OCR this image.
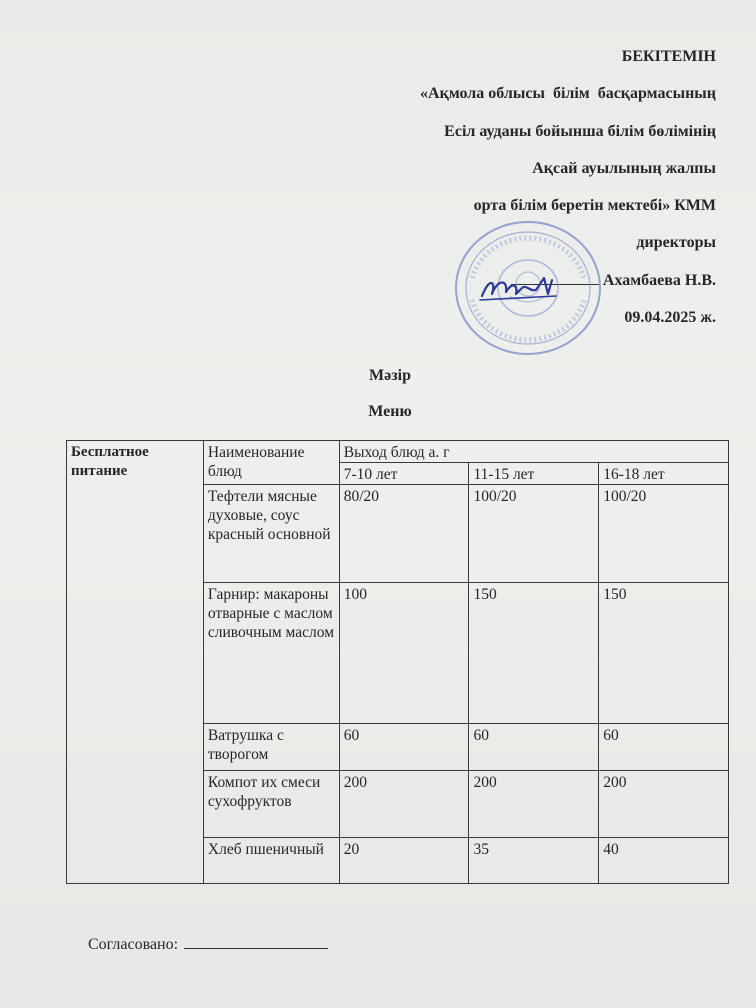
БЕКІТЕМІН
«Ақмола облысы  білім  басқармасының
Есіл ауданы бойынша білім бөлімінің
Ақсай ауылының жалпы
орта білім беретін мектебі» КММ
директоры
Ахамбаева Н.В.
09.04.2025 ж.
Мәзір
Меню
Бесплатное питание	Наименование блюд	Выход блюд а. г		
		7-10 лет	11-15 лет	16-18 лет
	Тефтели мясные духовые, соус красный основной	80/20	100/20	100/20
	Гарнир: макароны отварные с маслом сливочным маслом	100	150	150
	Ватрушка с творогом	60	60	60
	Компот их смеси сухофруктов	200	200	200
	Хлеб пшеничный	20	35	40
Согласовано:
